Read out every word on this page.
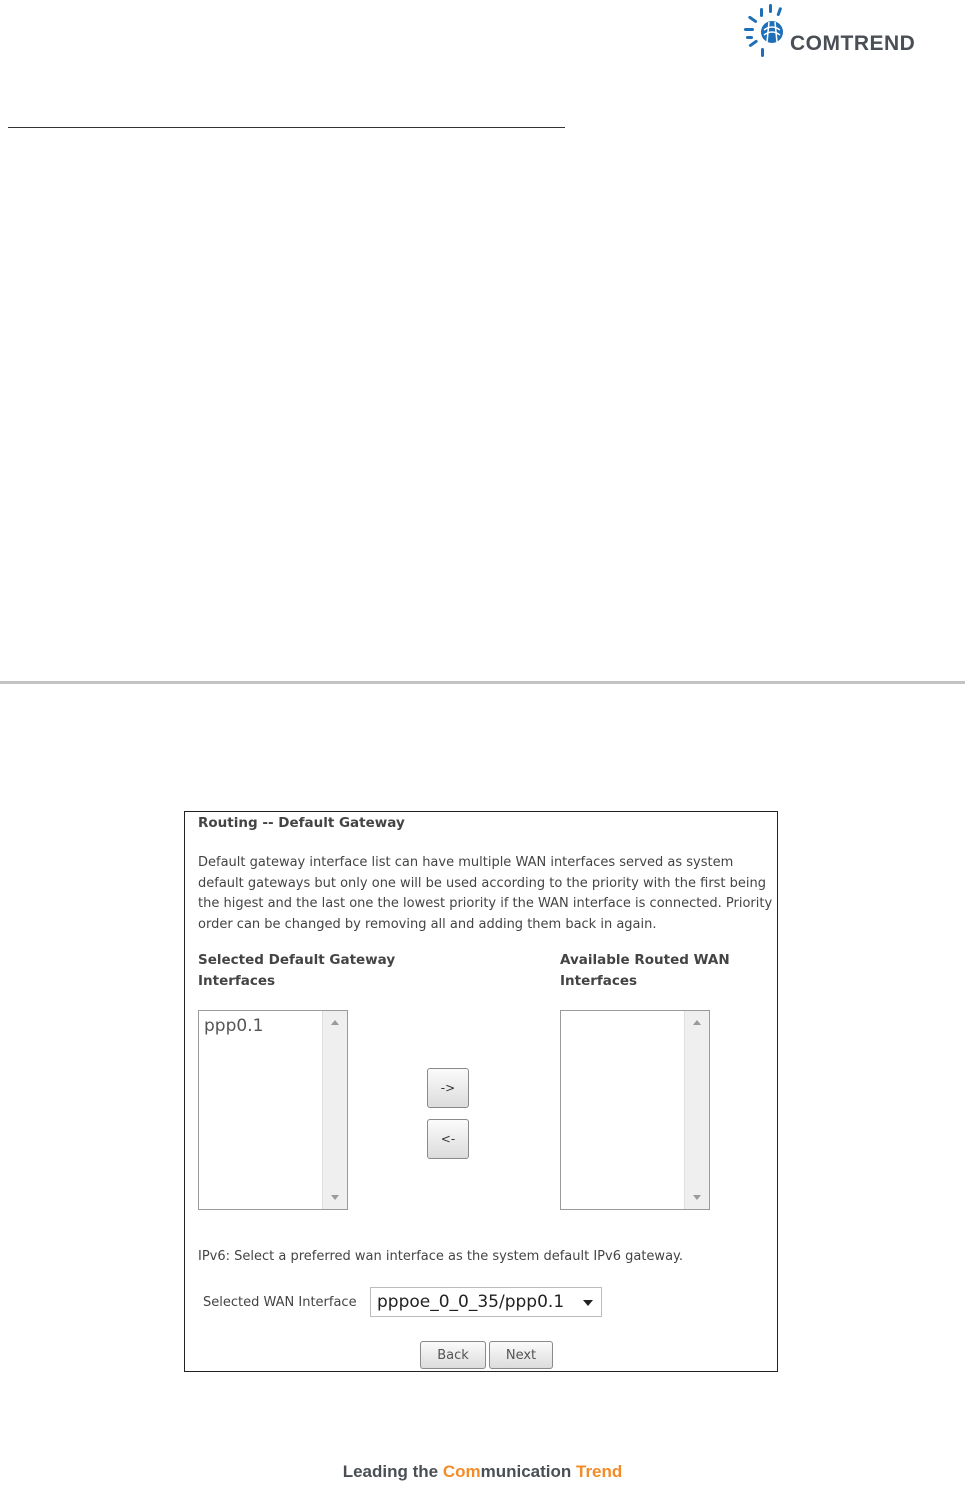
COMTREND
Routing -- Default Gateway
Default gateway interface list can have multiple WAN interfaces served as system default gateways but only one will be used according to the priority with the first being the higest and the last one the lowest priority if the WAN interface is connected. Priority order can be changed by removing all and adding them back in again.
Selected Default Gateway Interfaces
Available Routed WAN Interfaces
ppp0.1
->
<-
IPv6: Select a preferred wan interface as the system default IPv6 gateway.
Selected WAN Interface pppoe_0_0_35/ppp0.1
Back	Next
Leading the Communication Trend
